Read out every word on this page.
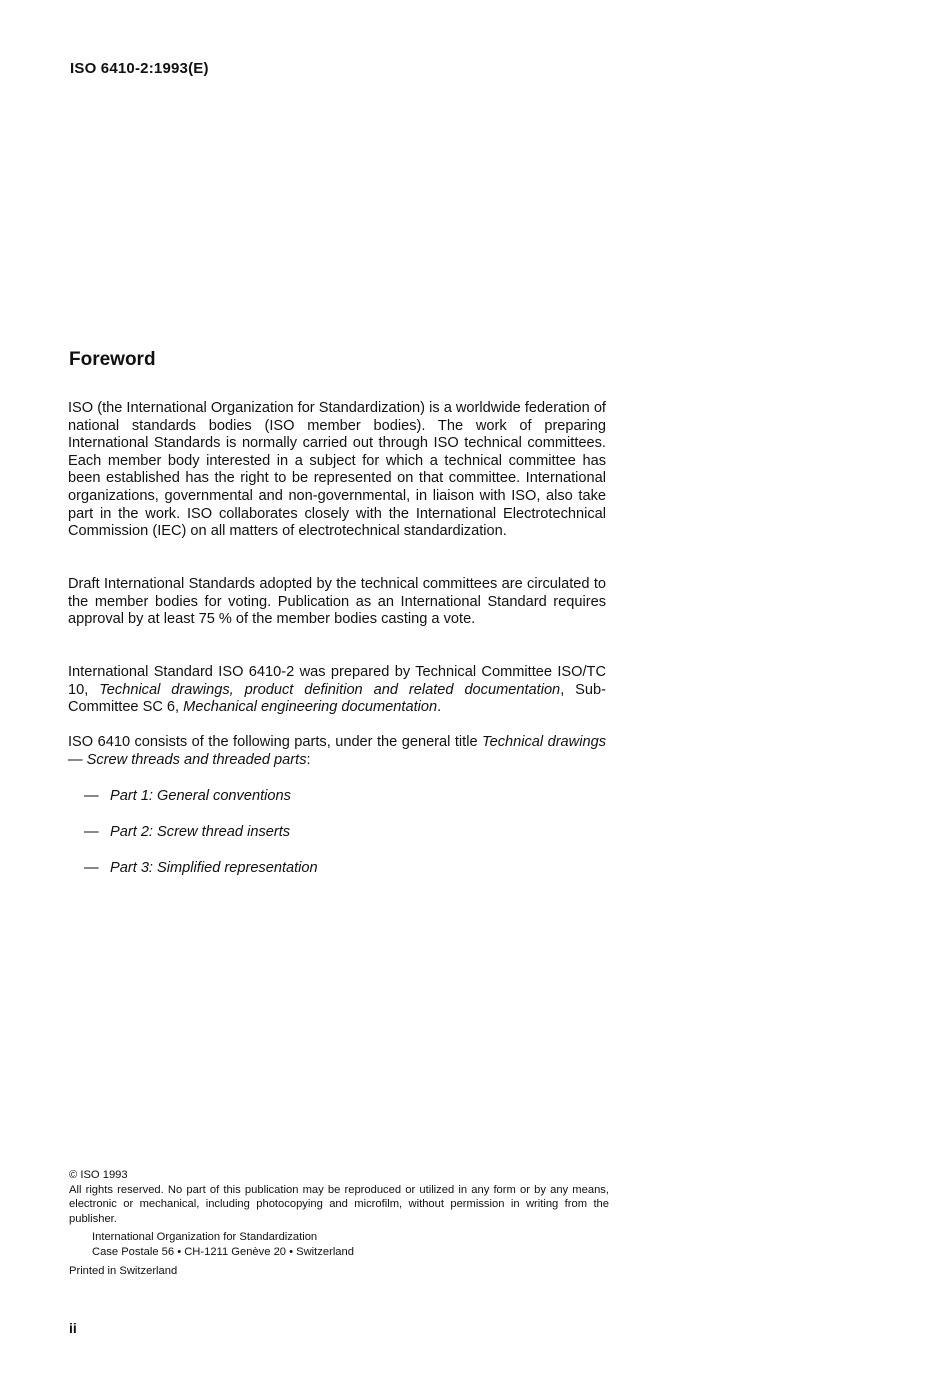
ISO 6410-2:1993(E)
Foreword

ISO (the International Organization for Standardization) is a worldwide federation of national standards bodies (ISO member bodies). The work of preparing International Standards is normally carried out through ISO technical committees. Each member body interested in a subject for which a technical committee has been established has the right to be represented on that committee. International organizations, governmental and non-governmental, in liaison with ISO, also take part in the work. ISO collaborates closely with the International Electrotechnical Commission (IEC) on all matters of electrotechnical standardization.

Draft International Standards adopted by the technical committees are circulated to the member bodies for voting. Publication as an International Standard requires approval by at least 75 % of the member bodies casting a vote.

International Standard ISO 6410-2 was prepared by Technical Committee ISO/TC 10, Technical drawings, product definition and related documentation, Sub-Committee SC 6, Mechanical engineering documentation.

ISO 6410 consists of the following parts, under the general title Technical drawings — Screw threads and threaded parts:

— Part 1: General conventions
— Part 2: Screw thread inserts
— Part 3: Simplified representation
© ISO 1993
All rights reserved. No part of this publication may be reproduced or utilized in any form or by any means, electronic or mechanical, including photocopying and microfilm, without permission in writing from the publisher.
International Organization for Standardization
Case Postale 56 • CH-1211 Genève 20 • Switzerland
Printed in Switzerland
ii
